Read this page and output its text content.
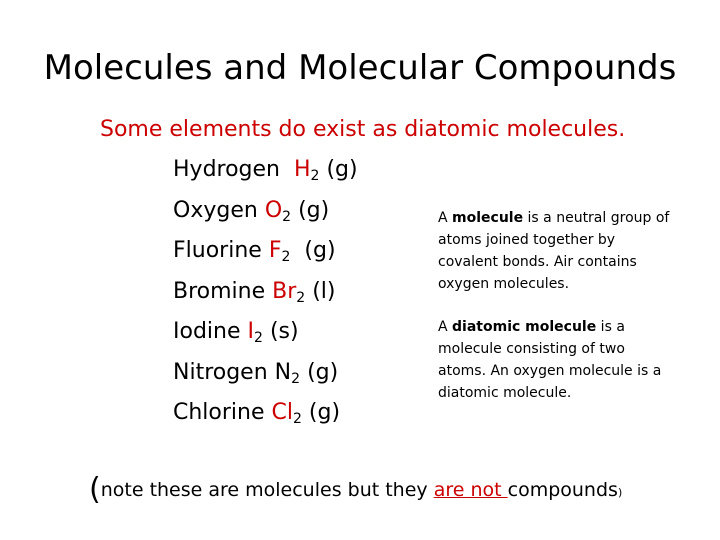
Molecules and Molecular Compounds
Some elements do exist as diatomic molecules.
Hydrogen $H_2$ (g)
Oxygen $O_2$ (g)
Fluorine $F_2$ (g)
Bromine $Br_2$ (l)
Iodine $I_2$ (s)
Nitrogen $N_2$ (g)
Chlorine $Cl_2$ (g)
A molecule is a neutral group of atoms joined together by covalent bonds. Air contains oxygen molecules.
A diatomic molecule is a molecule consisting of two atoms. An oxygen molecule is a diatomic molecule.
(note these are molecules but they are not compounds)
